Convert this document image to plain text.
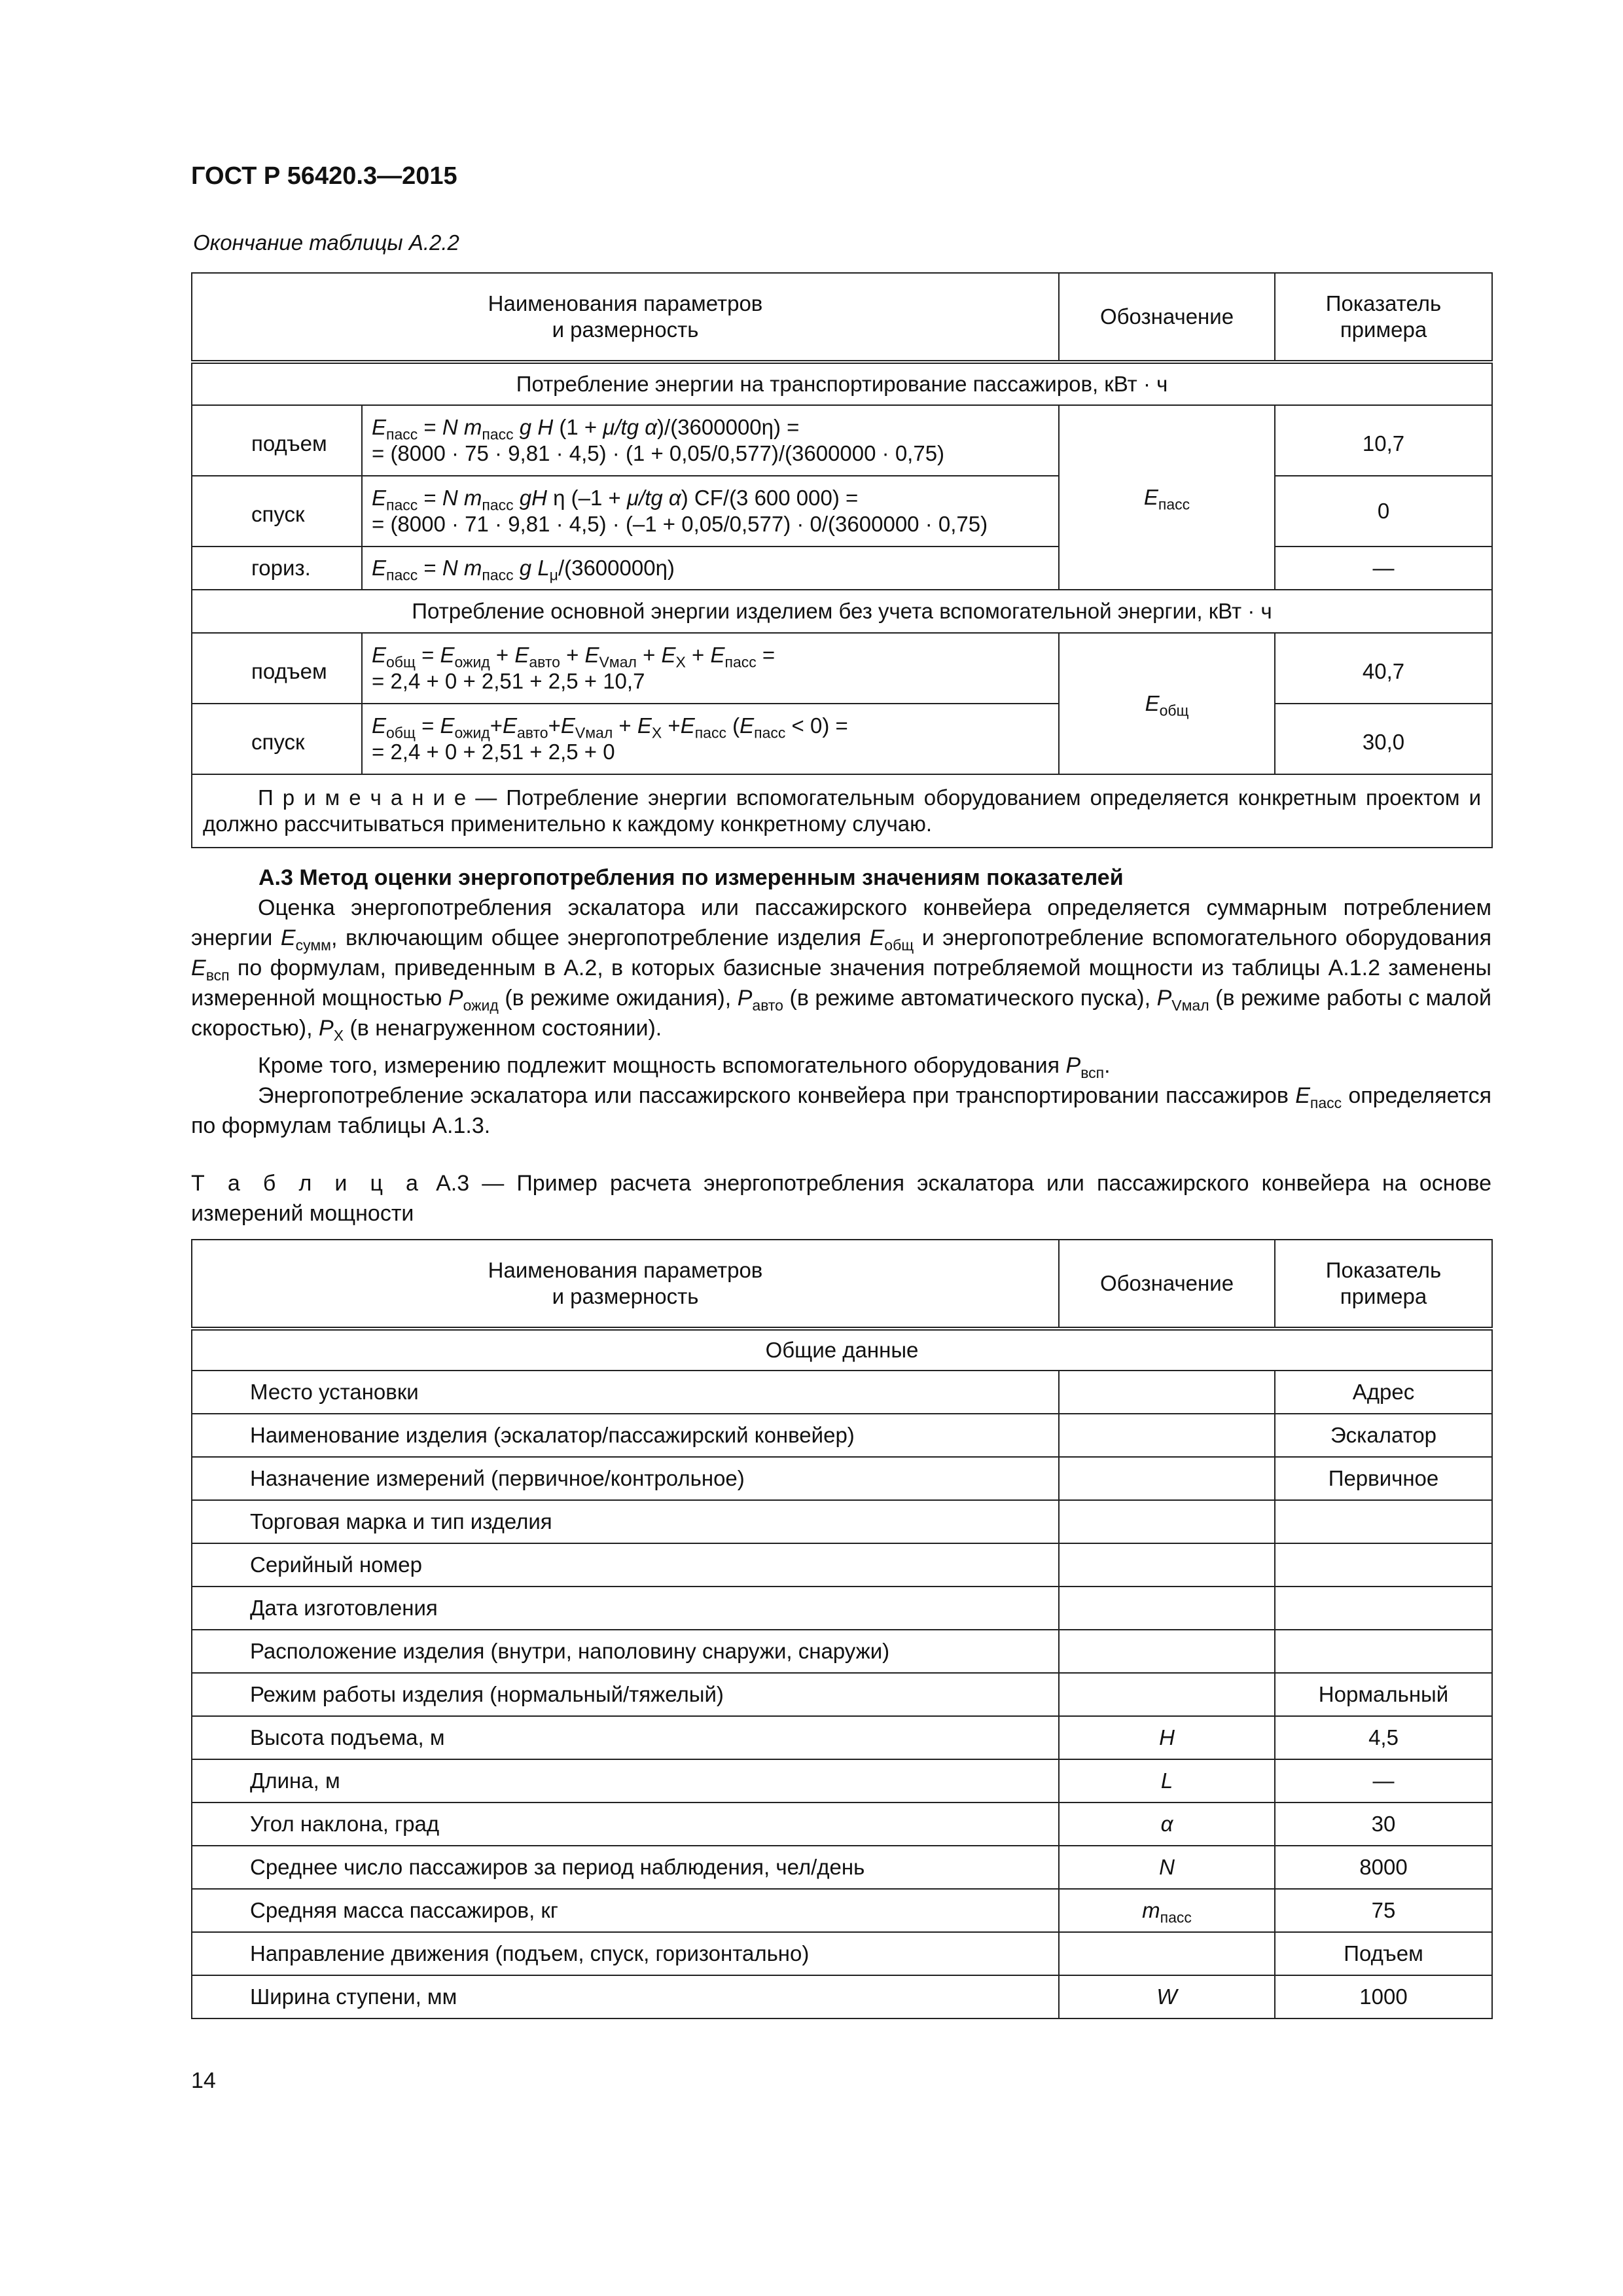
ГОСТ Р 56420.3—2015
Окончание таблицы А.2.2
Наименования параметров
и размерность		Обозначение	Показатель
примера
Потребление энергии на транспортирование пассажиров, кВт · ч			
подъем	$E_{пасс} = N$ $m_{пасс}$ g H (1 + μ/tg α)/(3600000η) =
= (8000 · 75 · 9,81 · 4,5) · (1 + 0,05/0,577)/(3600000 · 0,75)	$E_{пасс}$	10,7
спуск	$E_{пасс} = N$ $m_{пасс}$ gH η (–1 + μ/tg α) CF/(3 600 000) =
= (8000 · 71 · 9,81 · 4,5) · (–1 + 0,05/0,577) · 0/(3600000 · 0,75)		0
гориз.	$E_{пасс} = N$ $m_{пасс}$ g $L_\mu/(3600000\eta)$		—
Потребление основной энергии изделием без учета вспомогательной энергии, кВт · ч			
подъем	$E_{общ} = E_{ожид} + E_{авто} + E_{Vмал} + E_X + E_{пасс}$ =
= 2,4 + 0 + 2,51 + 2,5 + 10,7	$E_{общ}$	40,7
спуск	$E_{общ} = E_{ожид}+E_{авто}+E_{Vмал} + E_X +E_{пасс}$ $(E_{пасс} < 0)$ =
= 2,4 + 0 + 2,51 + 2,5 + 0		30,0
П р и м е ч а н и е — Потребление энергии вспомогательным оборудованием определяется конкретным проектом и должно рассчитываться применительно к каждому конкретному случаю.			
А.3 Метод оценки энергопотребления по измеренным значениям показателей

Оценка энергопотребления эскалатора или пассажирского конвейера определяется суммарным потреблением энергии $E_{сумм}$, включающим общее энергопотребление изделия $E_{общ}$ и энергопотребление вспомогательного оборудования $E_{всп}$ по формулам, приведенным в А.2, в которых базисные значения потребляемой мощности из таблицы А.1.2 заменены измеренной мощностью $P_{ожид}$ (в режиме ожидания), $P_{авто}$ (в режиме автоматического пуска), $P_{Vмал}$ (в режиме работы с малой скоростью), $P_X$ (в ненагруженном состоянии).

Кроме того, измерению подлежит мощность вспомогательного оборудования $P_{всп}$.

Энергопотребление эскалатора или пассажирского конвейера при транспортировании пассажиров $E_{пасс}$ определяется по формулам таблицы А.1.3.

Т а б л и ц а А.3 — Пример расчета энергопотребления эскалатора или пассажирского конвейера на основе измерений мощности
Наименования параметров
и размерность	Обозначение	Показатель
примера
Общие данные		
Место установки		Адрес
Наименование изделия (эскалатор/пассажирский конвейер)		Эскалатор
Назначение измерений (первичное/контрольное)		Первичное
Торговая марка и тип изделия		
Серийный номер		
Дата изготовления		
Расположение изделия (внутри, наполовину снаружи, снаружи)		
Режим работы изделия (нормальный/тяжелый)		Нормальный
Высота подъема, м	H	4,5
Длина, м	L	—
Угол наклона, град	α	30
Среднее число пассажиров за период наблюдения, чел/день	N	8000
Средняя масса пассажиров, кг	$m_{пасс}$	75
Направление движения (подъем, спуск, горизонтально)		Подъем
Ширина ступени, мм	W	1000
14
